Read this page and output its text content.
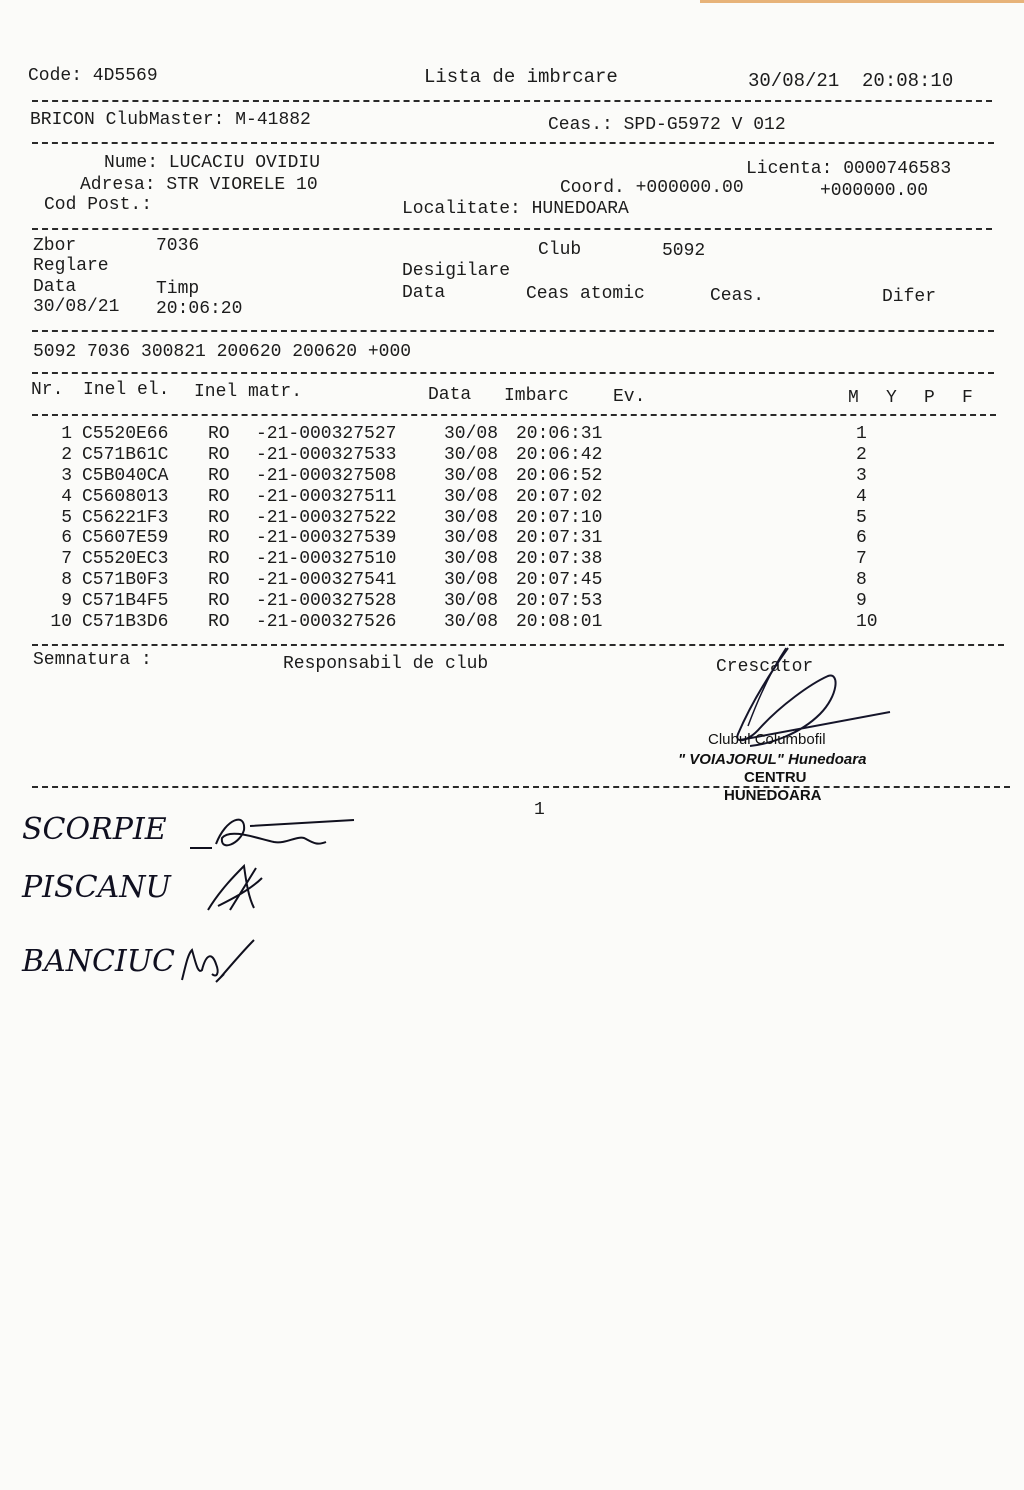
Code: 4D5569	Lista de imbrcare	30/08/21  20:08:10
BRICON ClubMaster: M-41882	Ceas.: SPD-G5972 V 012
Nume: LUCACIU OVIDIU
Adresa: STR VIORELE 10
Cod Post.:
Licenta: 0000746583
Coord. +000000.00	+000000.00
Localitate: HUNEDOARA
Zbor	7036	Club	5092
Reglare	Desigilare
Data	Timp	Data	Ceas atomic	Ceas.	Difer
30/08/21 20:06:20
5092 7036 300821 200620 200620 +000
Nr. Inel el. Inel matr.	Data Imbarc Ev.	M Y P F
1	C5520E66	RO	-21-000327527	30/08	20:06:31		1
2	C571B61C	RO	-21-000327533	30/08	20:06:42		2
3	C5B040CA	RO	-21-000327508	30/08	20:06:52		3
4	C5608013	RO	-21-000327511	30/08	20:07:02		4
5	C56221F3	RO	-21-000327522	30/08	20:07:10		5
6	C5607E59	RO	-21-000327539	30/08	20:07:31		6
7	C5520EC3	RO	-21-000327510	30/08	20:07:38		7
8	C571B0F3	RO	-21-000327541	30/08	20:07:45		8
9	C571B4F5	RO	-21-000327528	30/08	20:07:53		9
10	C571B3D6	RO	-21-000327526	30/08	20:08:01		10
Semnatura :	Responsabil de club	Crescator
Clubul Columbofil
" VOIAJORUL" Hunedoara
CENTRU
HUNEDOARA
1
SCORPIE
PISCANU
BANCIUC
